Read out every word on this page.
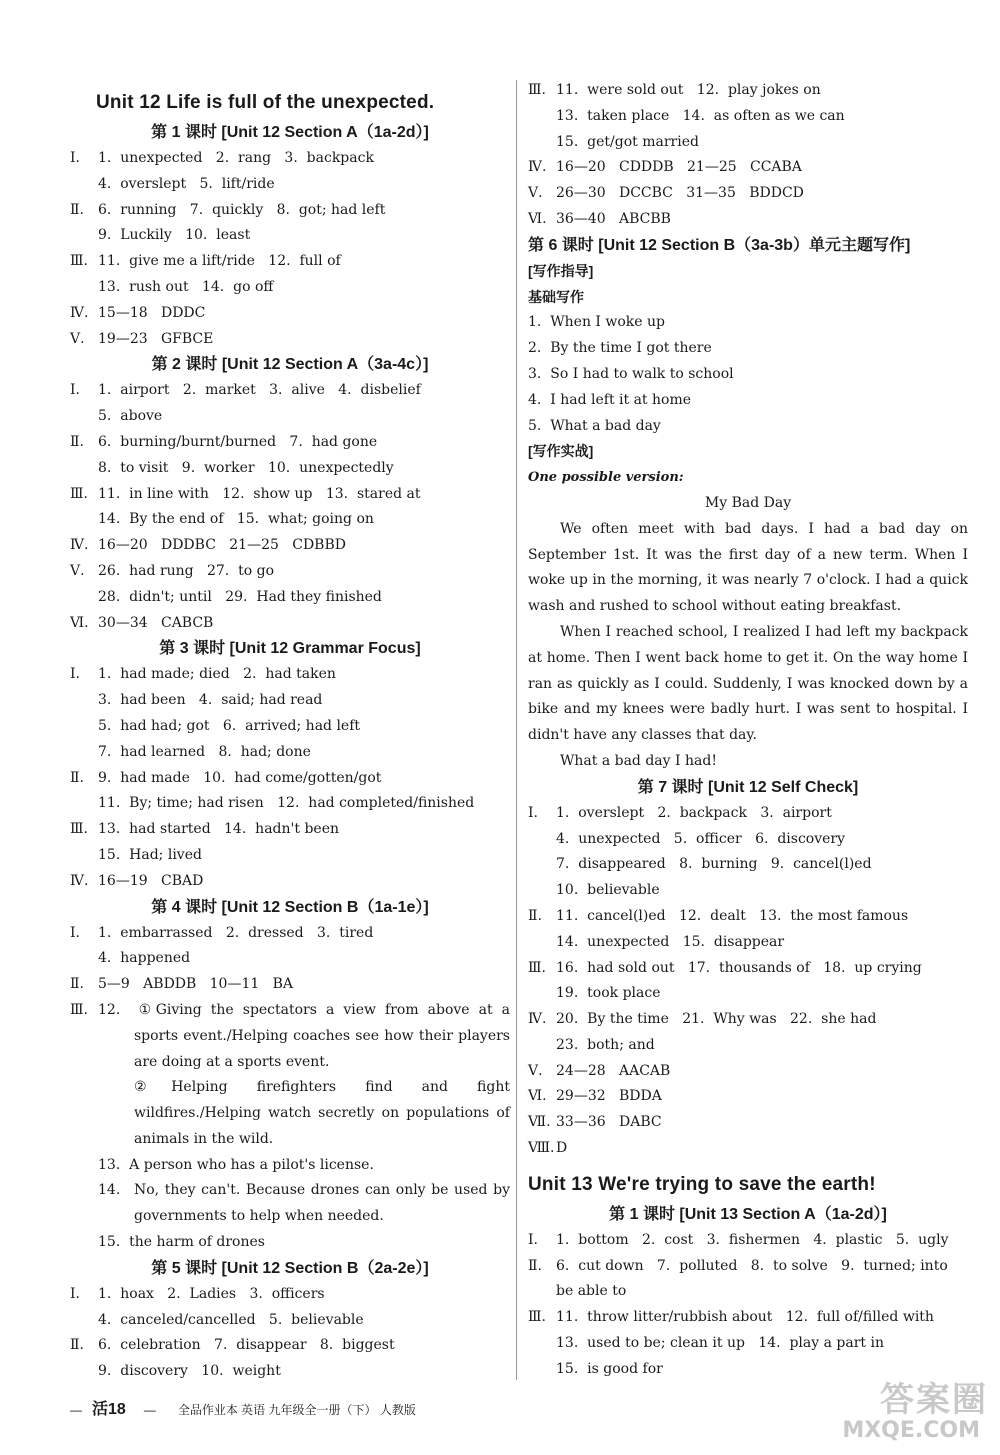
Unit 12 Life is full of the unexpected.
第 1 课时 [Unit 12 Section A（1a-2d）]
Ⅰ. 1.  unexpected   2.  rang   3.  backpack
4.  overslept   5.  lift/ride
Ⅱ. 6.  running   7.  quickly   8.  got; had left
9.  Luckily   10.  least
Ⅲ. 11.  give me a lift/ride   12.  full of
13.  rush out   14.  go off
Ⅳ. 15—18   DDDC
Ⅴ. 19—23   GFBCE
第 2 课时 [Unit 12 Section A（3a-4c）]
Ⅰ. 1.  airport   2.  market   3.  alive   4.  disbelief
5.  above
Ⅱ. 6.  burning/burnt/burned   7.  had gone
8.  to visit   9.  worker   10.  unexpectedly
Ⅲ. 11.  in line with   12.  show up   13.  stared at
14.  By the end of   15.  what; going on
Ⅳ. 16—20   DDDBC   21—25   CDBBD
Ⅴ. 26.  had rung   27.  to go
28.  didn't; until   29.  Had they finished
Ⅵ. 30—34   CABCB
第 3 课时 [Unit 12 Grammar Focus]
Ⅰ. 1.  had made; died   2.  had taken
3.  had been   4.  said; had read
5.  had had; got   6.  arrived; had left
7.  had learned   8.  had; done
Ⅱ. 9.  had made   10.  had come/gotten/got
11.  By; time; had risen   12.  had completed/finished
Ⅲ. 13.  had started   14.  hadn't been
15.  Had; lived
Ⅳ. 16—19   CBAD
第 4 课时 [Unit 12 Section B（1a-1e）]
Ⅰ. 1.  embarrassed   2.  dressed   3.  tired
4.  happened
Ⅱ. 5—9   ABDDB   10—11   BA
Ⅲ. 12. ①Giving the spectators a view from above at a sports event./Helping coaches see how their players are doing at a sports event.
②Helping firefighters find and fight wildfires./Helping watch secretly on populations of animals in the wild.
13.  A person who has a pilot's license.
14. No, they can't. Because drones can only be used by governments to help when needed.
15.  the harm of drones
第 5 课时 [Unit 12 Section B（2a-2e）]
Ⅰ. 1.  hoax   2.  Ladies   3.  officers
4.  canceled/cancelled   5.  believable
Ⅱ. 6.  celebration   7.  disappear   8.  biggest
9.  discovery   10.  weight
Ⅲ. 11.  were sold out   12.  play jokes on
13.  taken place   14.  as often as we can
15.  get/got married
Ⅳ. 16—20   CDDDB   21—25   CCABA
Ⅴ. 26—30   DCCBC   31—35   BDDCD
Ⅵ. 36—40   ABCBB
第 6 课时 [Unit 12 Section B（3a-3b）单元主题写作]
[写作指导]
基础写作
1.  When I woke up
2.  By the time I got there
3.  So I had to walk to school
4.  I had left it at home
5.  What a bad day
[写作实战]
One possible version:
My Bad Day

We often meet with bad days. I had a bad day on September 1st. It was the first day of a new term. When I woke up in the morning, it was nearly 7 o'clock. I had a quick wash and rushed to school without eating breakfast.

When I reached school, I realized I had left my backpack at home. Then I went back home to get it. On the way home I ran as quickly as I could. Suddenly, I was knocked down by a bike and my knees were badly hurt. I was sent to hospital. I didn't have any classes that day.

What a bad day I had!

第 7 课时 [Unit 12 Self Check]
Ⅰ. 1.  overslept   2.  backpack   3.  airport
4.  unexpected   5.  officer   6.  discovery
7.  disappeared   8.  burning   9.  cancel(l)ed
10.  believable
Ⅱ. 11.  cancel(l)ed   12.  dealt   13.  the most famous
14.  unexpected   15.  disappear
Ⅲ. 16.  had sold out   17.  thousands of   18.  up crying
19.  took place
Ⅳ. 20.  By the time   21.  Why was   22.  she had
23.  both; and
Ⅴ. 24—28   AACAB
Ⅵ. 29—32   BDDA
Ⅶ. 33—36   DABC
Ⅷ.D
Unit 13 We're trying to save the earth!
第 1 课时 [Unit 13 Section A（1a-2d）]
Ⅰ. 1.  bottom   2.  cost   3.  fishermen   4.  plastic   5.  ugly
Ⅱ. 6.  cut down   7.  polluted   8.  to solve   9.  turned; into
be able to
Ⅲ. 11.  throw litter/rubbish about   12.  full of/filled with
13.  used to be; clean it up   14.  play a part in
15.  is good for
— 活18 — 全品作业本 英语 九年级全一册（下） 人教版	答案圈
MXQE.COM
